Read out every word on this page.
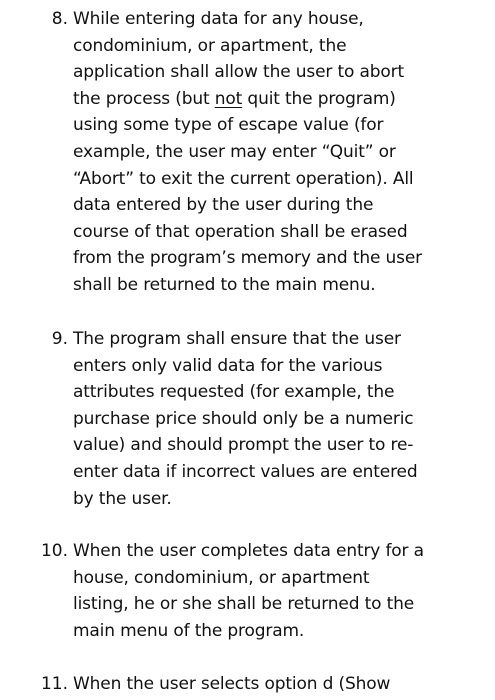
8. While entering data for any house,
condominium, or apartment, the
application shall allow the user to abort
the process (but not quit the program)
using some type of escape value (for
example, the user may enter “Quit” or
“Abort” to exit the current operation). All
data entered by the user during the
course of that operation shall be erased
from the program’s memory and the user
shall be returned to the main menu.
9. The program shall ensure that the user
enters only valid data for the various
attributes requested (for example, the
purchase price should only be a numeric
value) and should prompt the user to re-
enter data if incorrect values are entered
by the user.
10. When the user completes data entry for a
house, condominium, or apartment
listing, he or she shall be returned to the
main menu of the program.
11. When the user selects option d (Show
